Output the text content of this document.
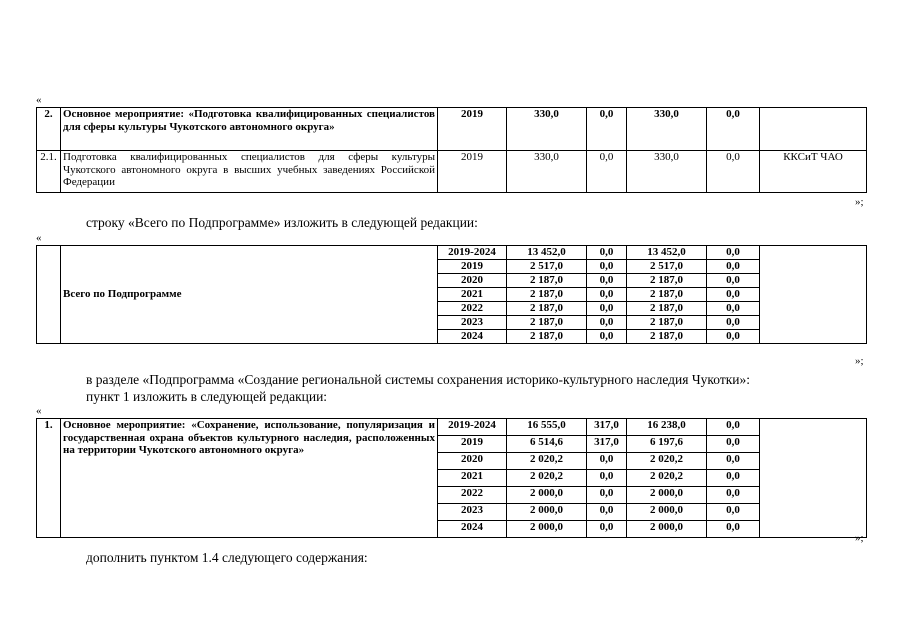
«
2.	Основное мероприятие: «Подготовка квалифицированных специалистов для сферы культуры Чукотского автономного округа»	2019	330,0	0,0	330,0	0,0	
2.1.	Подготовка квалифицированных специалистов для сферы культуры Чукотского автономного округа в высших учебных заведениях Российской Федерации	2019	330,0	0,0	330,0	0,0	ККСиТ ЧАО
»;
строку «Всего по Подпрограмме» изложить в следующей редакции:
«
	Всего по Подпрограмме	2019-2024	13 452,0	0,0	13 452,0	0,0	
		2019	2 517,0	0,0	2 517,0	0,0	
		2020	2 187,0	0,0	2 187,0	0,0	
		2021	2 187,0	0,0	2 187,0	0,0	
		2022	2 187,0	0,0	2 187,0	0,0	
		2023	2 187,0	0,0	2 187,0	0,0	
		2024	2 187,0	0,0	2 187,0	0,0	
»;
в разделе «Подпрограмма «Создание региональной системы сохранения историко-культурного наследия Чукотки»:
пункт 1 изложить в следующей редакции:
«
1.	Основное мероприятие: «Сохранение, использование, популяризация и государственная охрана объектов культурного наследия, расположенных на территории Чукотского автономного округа»	2019-2024	16 555,0	317,0	16 238,0	0,0	
		2019	6 514,6	317,0	6 197,6	0,0	
		2020	2 020,2	0,0	2 020,2	0,0	
		2021	2 020,2	0,0	2 020,2	0,0	
		2022	2 000,0	0,0	2 000,0	0,0	
		2023	2 000,0	0,0	2 000,0	0,0	
		2024	2 000,0	0,0	2 000,0	0,0	
»;
дополнить пунктом 1.4 следующего содержания:
